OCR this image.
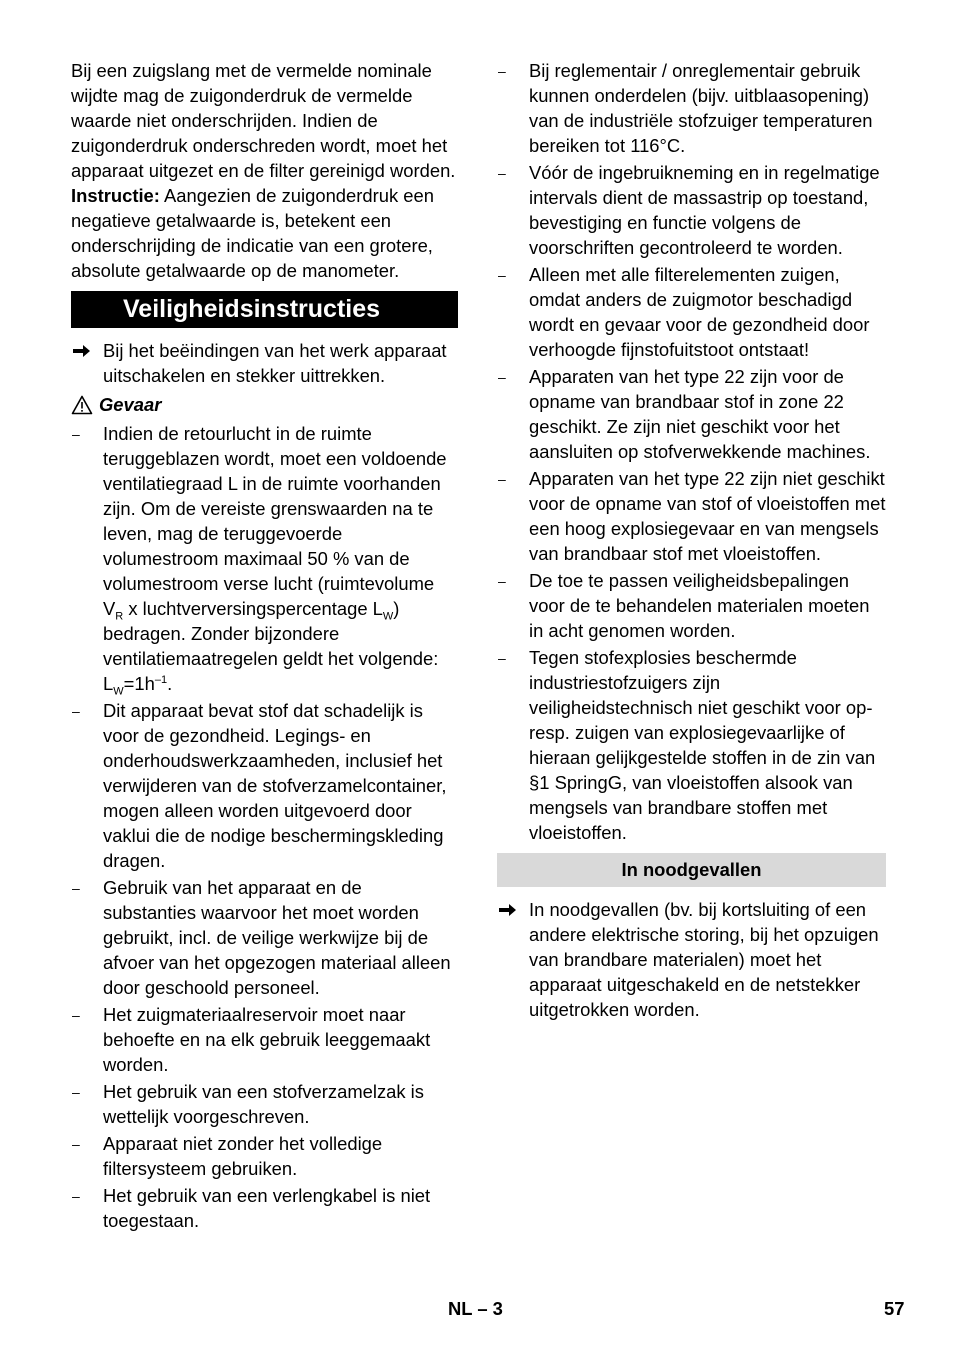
Bij een zuigslang met de vermelde nominale wijdte mag de zuigonderdruk de vermelde waarde niet onderschrijden. Indien de zuigonderdruk onderschreden wordt, moet het apparaat uitgezet en de filter gereinigd worden.

Instructie: Aangezien de zuigonderdruk een negatieve getalwaarde is, betekent een onderschrijding de indicatie van een grotere, absolute getalwaarde op de manometer.

Veiligheidsinstructies
Bij het beëindingen van het werk apparaat uitschakelen en stekker uittrekken.
Gevaar
–	Indien de retourlucht in de ruimte teruggeblazen wordt, moet een voldoende ventilatiegraad L in de ruimte voorhanden zijn. Om de vereiste grenswaarden na te leven, mag de teruggevoerde volumestroom maximaal 50 % van de volumestroom verse lucht (ruimtevolume $V_R$ x luchtverversingspercentage $L_W$) bedragen. Zonder bijzondere ventilatiemaatregelen geldt het volgende: $L_W=1h^{-1}$.
–	Dit apparaat bevat stof dat schadelijk is voor de gezondheid. Legings- en onderhoudswerkzaamheden, inclusief het verwijderen van de stofverzamelcontainer, mogen alleen worden uitgevoerd door vaklui die de nodige beschermingskleding dragen.
–	Gebruik van het apparaat en de substanties waarvoor het moet worden gebruikt, incl. de veilige werkwijze bij de afvoer van het opgezogen materiaal alleen door geschoold personeel.
–	Het zuigmateriaalreservoir moet naar behoefte en na elk gebruik leeggemaakt worden.
–	Het gebruik van een stofverzamelzak is wettelijk voorgeschreven.
–	Apparaat niet zonder het volledige filtersysteem gebruiken.
–	Het gebruik van een verlengkabel is niet toegestaan.
–	Bij reglementair / onreglementair gebruik kunnen onderdelen (bijv. uitblaasopening) van de industriële stofzuiger temperaturen bereiken tot 116°C.
–	Vóór de ingebruikneming en in regelmatige intervals dient de massastrip op toestand, bevestiging en functie volgens de voorschriften gecontroleerd te worden.
–	Alleen met alle filterelementen zuigen, omdat anders de zuigmotor beschadigd wordt en gevaar voor de gezondheid door verhoogde fijnstofuitstoot ontstaat!
–	Apparaten van het type 22 zijn voor de opname van brandbaar stof in zone 22 geschikt. Ze zijn niet geschikt voor het aansluiten op stofverwekkende machines.
–	Apparaten van het type 22 zijn niet geschikt voor de opname van stof of vloeistoffen met een hoog explosiegevaar en van mengsels van brandbaar stof met vloeistoffen.
–	De toe te passen veiligheidsbepalingen voor de te behandelen materialen moeten in acht genomen worden.
–	Tegen stofexplosies beschermde industriestofzuigers zijn veiligheidstechnisch niet geschikt voor op- resp. zuigen van explosiegevaarlijke of hieraan gelijkgestelde stoffen in de zin van §1 SpringG, van vloeistoffen alsook van mengsels van brandbare stoffen met vloeistoffen.
In noodgevallen
In noodgevallen (bv. bij kortsluiting of een andere elektrische storing, bij het opzuigen van brandbare materialen) moet het apparaat uitgeschakeld en de netstekker uitgetrokken worden.
NL – 3	57
